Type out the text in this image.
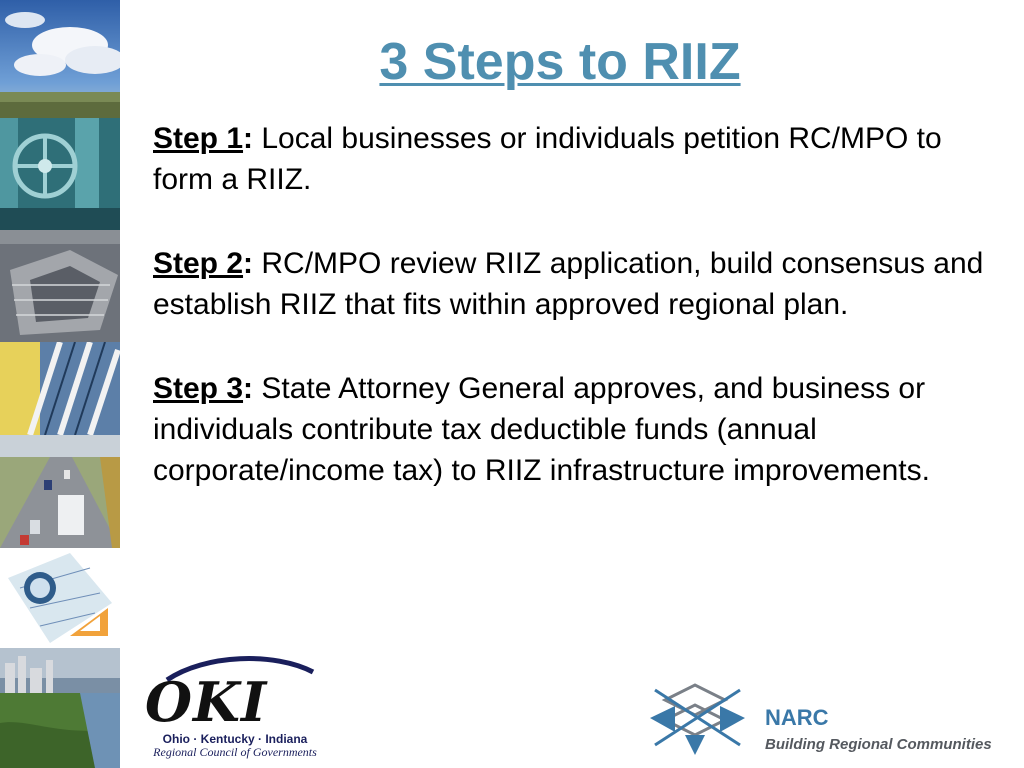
3 Steps to RIIZ

Step 1: Local businesses or individuals petition RC/MPO to form a RIIZ.

Step 2: RC/MPO review RIIZ application, build consensus and establish RIIZ that fits within approved regional plan.

Step 3: State Attorney General approves, and business or individuals contribute tax deductible funds (annual corporate/income tax) to RIIZ infrastructure improvements.

OKI
Ohio · Kentucky · Indiana
Regional Council of Governments
NARC
Building Regional Communities
